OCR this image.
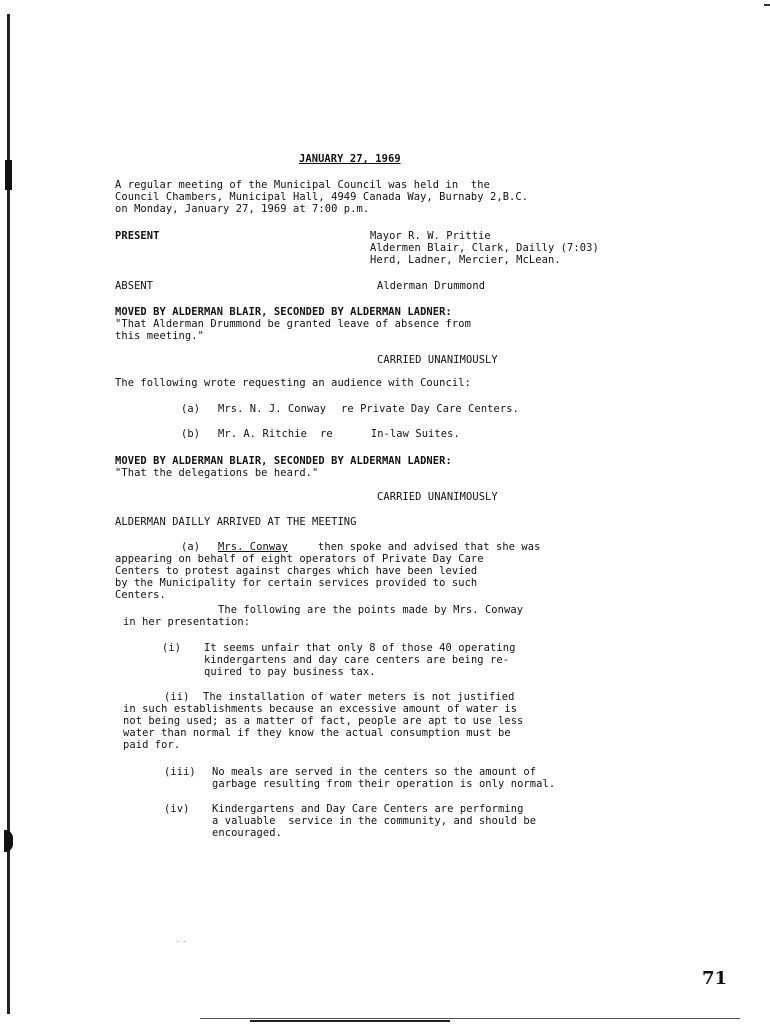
JANUARY 27, 1969

A regular meeting of the Municipal Council was held in  the

Council Chambers, Municipal Hall, 4949 Canada Way, Burnaby 2,B.C.

on Monday, January 27, 1969 at 7:00 p.m.

PRESENT	Mayor R. W. Prittie

Aldermen Blair, Clark, Dailly (7:03)

Herd, Ladner, Mercier, McLean.

ABSENT	Alderman Drummond

MOVED BY ALDERMAN BLAIR, SECONDED BY ALDERMAN LADNER:

"That Alderman Drummond be granted leave of absence from

this meeting."

CARRIED UNANIMOUSLY

The following wrote requesting an audience with Council:

(a) Mrs. N. J. Conway re Private Day Care Centers.

(b) Mr. A. Ritchie re      In-law Suites.

MOVED BY ALDERMAN BLAIR, SECONDED BY ALDERMAN LADNER:

"That the delegations be heard."

CARRIED UNANIMOUSLY

ALDERMAN DAILLY ARRIVED AT THE MEETING

(a) Mrs. Conway	then spoke and advised that she was

appearing on behalf of eight operators of Private Day Care

Centers to protest against charges which have been levied

by the Municipality for certain services provided to such

Centers.

The following are the points made by Mrs. Conway

in her presentation:

(i) It seems unfair that only 8 of those 40 operating

kindergartens and day care centers are being re-

quired to pay business tax.

(ii) The installation of water meters is not justified

in such establishments because an excessive amount of water is

not being used; as a matter of fact, people are apt to use less

water than normal if they know the actual consumption must be

paid for.

(iii) No meals are served in the centers so the amount of

garbage resulting from their operation is only normal.

(iv) Kindergartens and Day Care Centers are performing

a valuable  service in the community, and should be

encouraged.

- -

71
